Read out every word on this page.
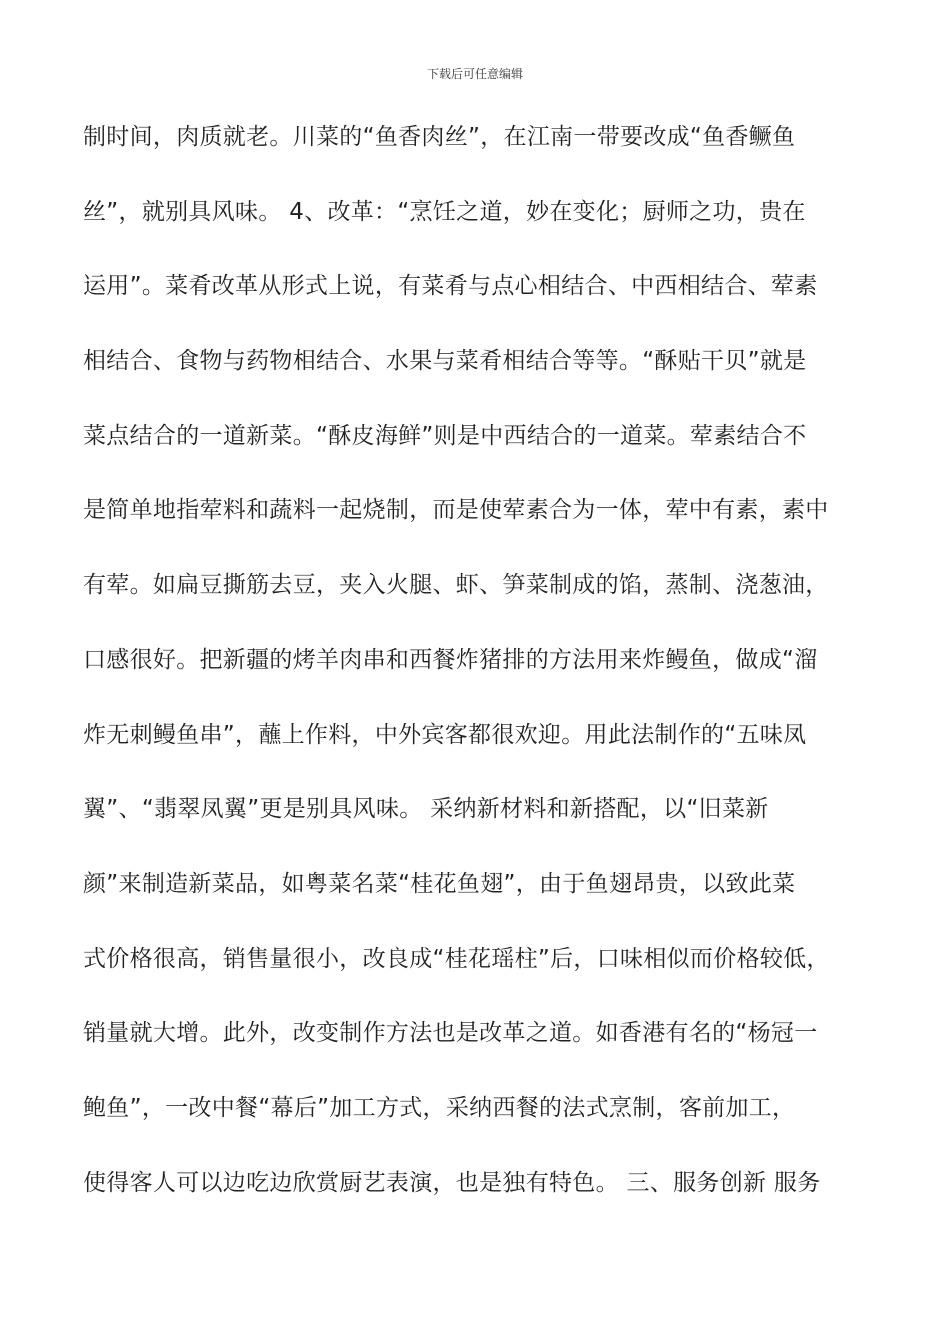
下载后可任意编辑
制时间，肉质就老。川菜的“鱼香肉丝”，在江南一带要改成“鱼香鳜鱼
丝”，就别具风味。 4、改革：“烹饪之道，妙在变化；厨师之功，贵在
运用”。菜肴改革从形式上说，有菜肴与点心相结合、中西相结合、荤素
相结合、食物与药物相结合、水果与菜肴相结合等等。“酥贴干贝”就是
菜点结合的一道新菜。“酥皮海鲜”则是中西结合的一道菜。荤素结合不
是简单地指荤料和蔬料一起烧制，而是使荤素合为一体，荤中有素，素中
有荤。如扁豆撕筋去豆，夹入火腿、虾、笋菜制成的馅，蒸制、浇葱油，
口感很好。把新疆的烤羊肉串和西餐炸猪排的方法用来炸鳗鱼，做成“溜
炸无刺鳗鱼串”，蘸上作料，中外宾客都很欢迎。用此法制作的“五味凤
翼”、“翡翠凤翼”更是别具风味。 采纳新材料和新搭配，以“旧菜新
颜”来制造新菜品，如粤菜名菜“桂花鱼翅”，由于鱼翅昂贵，以致此菜
式价格很高，销售量很小，改良成“桂花瑶柱”后，口味相似而价格较低，
销量就大增。此外，改变制作方法也是改革之道。如香港有名的“杨冠一
鲍鱼”，一改中餐“幕后”加工方式，采纳西餐的法式烹制，客前加工，
使得客人可以边吃边欣赏厨艺表演，也是独有特色。 三、服务创新 服务
